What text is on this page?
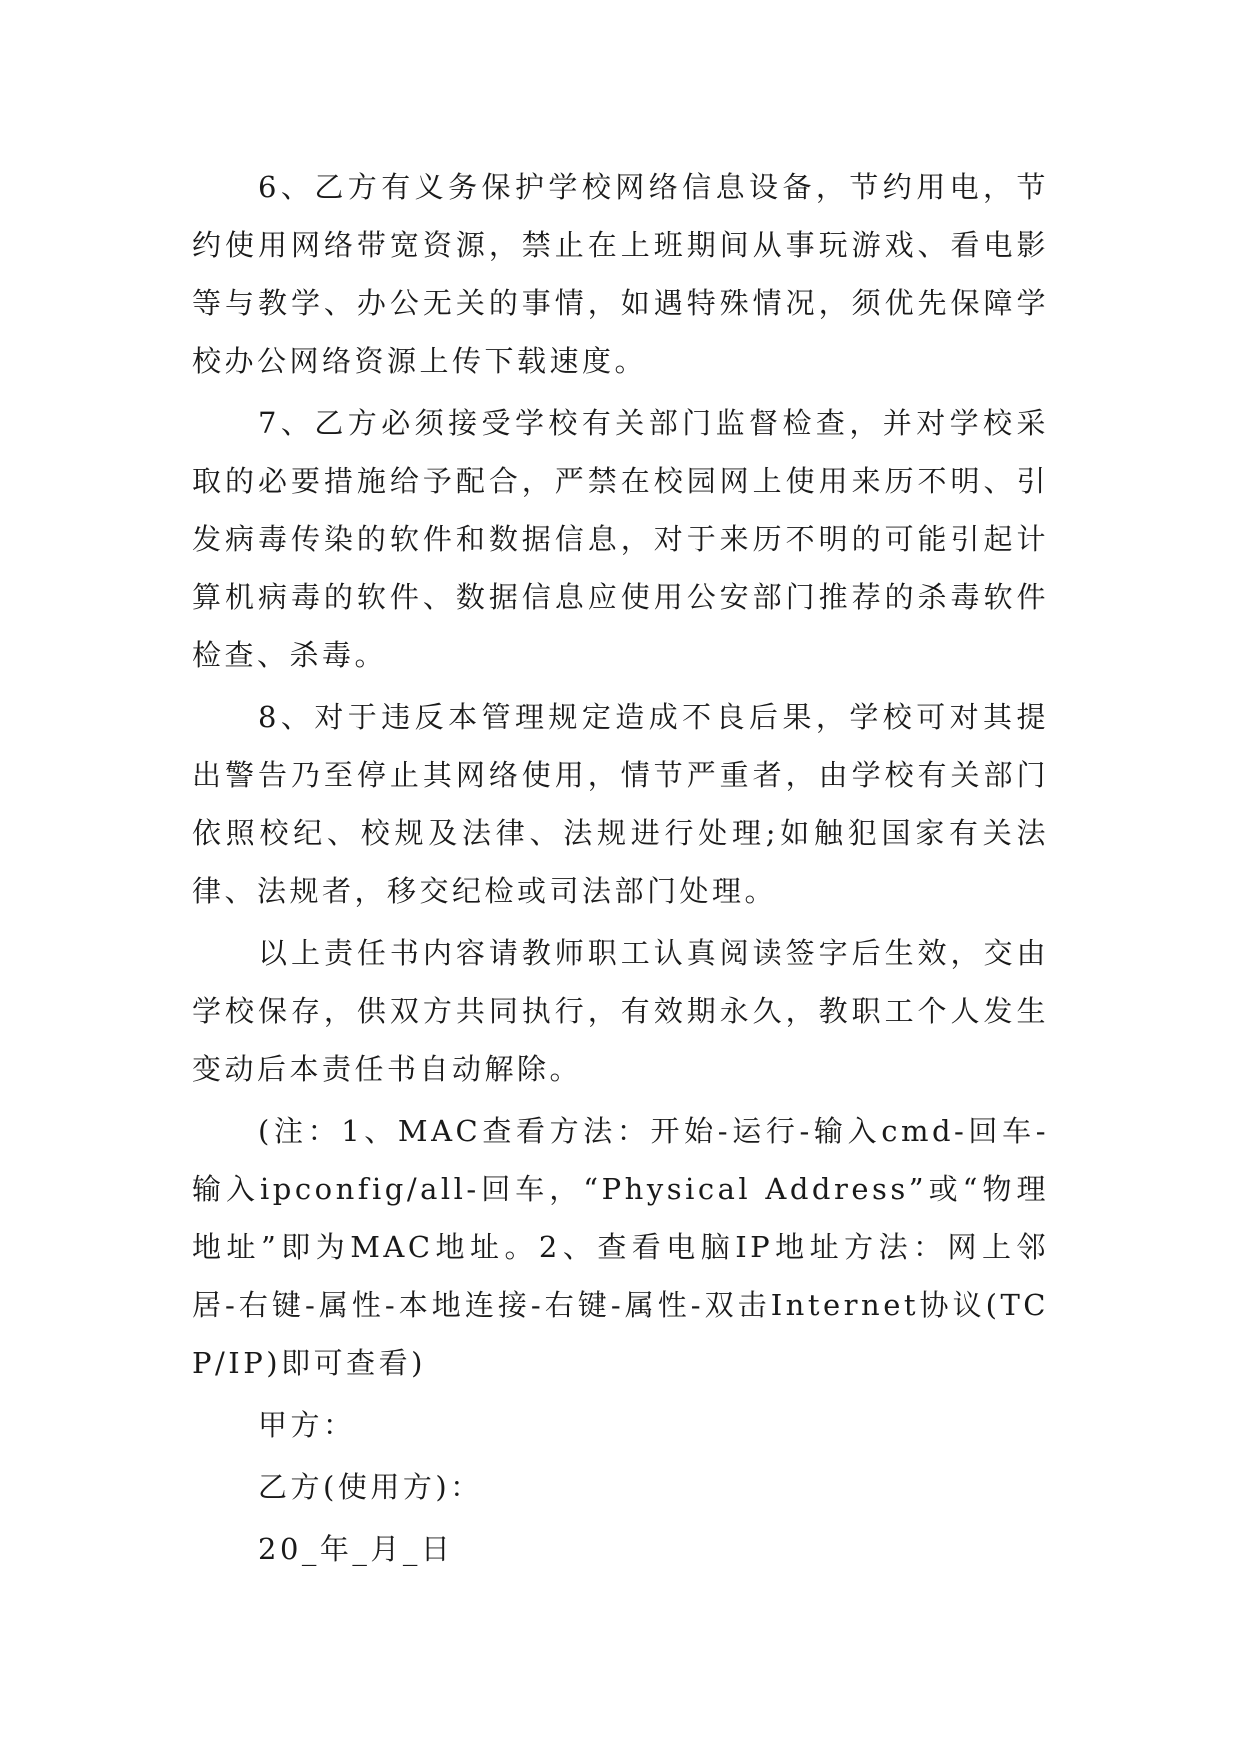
6、乙方有义务保护学校网络信息设备，节约用电，节约使用网络带宽资源，禁止在上班期间从事玩游戏、看电影等与教学、办公无关的事情，如遇特殊情况，须优先保障学校办公网络资源上传下载速度。

7、乙方必须接受学校有关部门监督检查，并对学校采取的必要措施给予配合，严禁在校园网上使用来历不明、引发病毒传染的软件和数据信息，对于来历不明的可能引起计算机病毒的软件、数据信息应使用公安部门推荐的杀毒软件检查、杀毒。

8、对于违反本管理规定造成不良后果，学校可对其提出警告乃至停止其网络使用，情节严重者，由学校有关部门依照校纪、校规及法律、法规进行处理;如触犯国家有关法律、法规者，移交纪检或司法部门处理。

以上责任书内容请教师职工认真阅读签字后生效，交由学校保存，供双方共同执行，有效期永久，教职工个人发生变动后本责任书自动解除。

(注：1、MAC查看方法：开始-运行-输入cmd-回车-输入ipconfig/all-回车，“Physical Address”或“物理地址”即为MAC地址。2、查看电脑IP地址方法：网上邻居-右键-属性-本地连接-右键-属性-双击Internet协议(TCP/IP)即可查看)

甲方：

乙方(使用方)：

20_年_月_日
